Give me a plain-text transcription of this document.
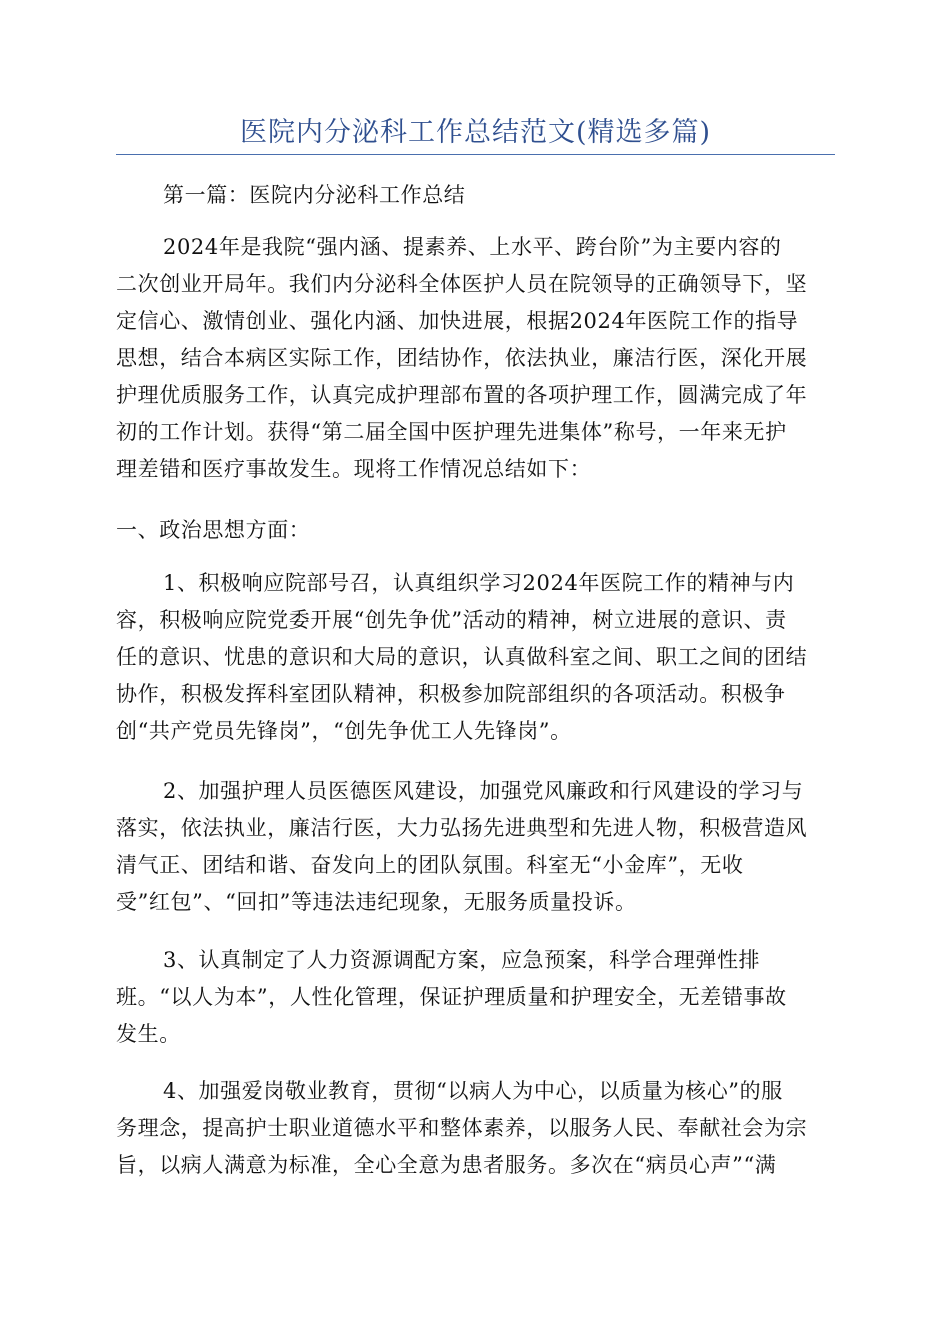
医院内分泌科工作总结范文(精选多篇)
第一篇：医院内分泌科工作总结
2024年是我院“强内涵、提素养、上水平、跨台阶”为主要内容的
二次创业开局年。我们内分泌科全体医护人员在院领导的正确领导下，坚
定信心、激情创业、强化内涵、加快进展，根据2024年医院工作的指导
思想，结合本病区实际工作，团结协作，依法执业，廉洁行医，深化开展
护理优质服务工作，认真完成护理部布置的各项护理工作，圆满完成了年
初的工作计划。获得“第二届全国中医护理先进集体”称号，一年来无护
理差错和医疗事故发生。现将工作情况总结如下：
一、政治思想方面：
1、积极响应院部号召，认真组织学习2024年医院工作的精神与内
容，积极响应院党委开展“创先争优”活动的精神，树立进展的意识、责
任的意识、忧患的意识和大局的意识，认真做科室之间、职工之间的团结
协作，积极发挥科室团队精神，积极参加院部组织的各项活动。积极争
创“共产党员先锋岗”，“创先争优工人先锋岗”。
2、加强护理人员医德医风建设，加强党风廉政和行风建设的学习与
落实，依法执业，廉洁行医，大力弘扬先进典型和先进人物，积极营造风
清气正、团结和谐、奋发向上的团队氛围。科室无“小金库”，无收
受”红包”、“回扣”等违法违纪现象，无服务质量投诉。
3、认真制定了人力资源调配方案，应急预案，科学合理弹性排
班。“以人为本”，人性化管理，保证护理质量和护理安全，无差错事故
发生。
4、加强爱岗敬业教育，贯彻“以病人为中心，以质量为核心”的服
务理念，提高护士职业道德水平和整体素养，以服务人民、奉献社会为宗
旨，以病人满意为标准，全心全意为患者服务。多次在“病员心声”“满
